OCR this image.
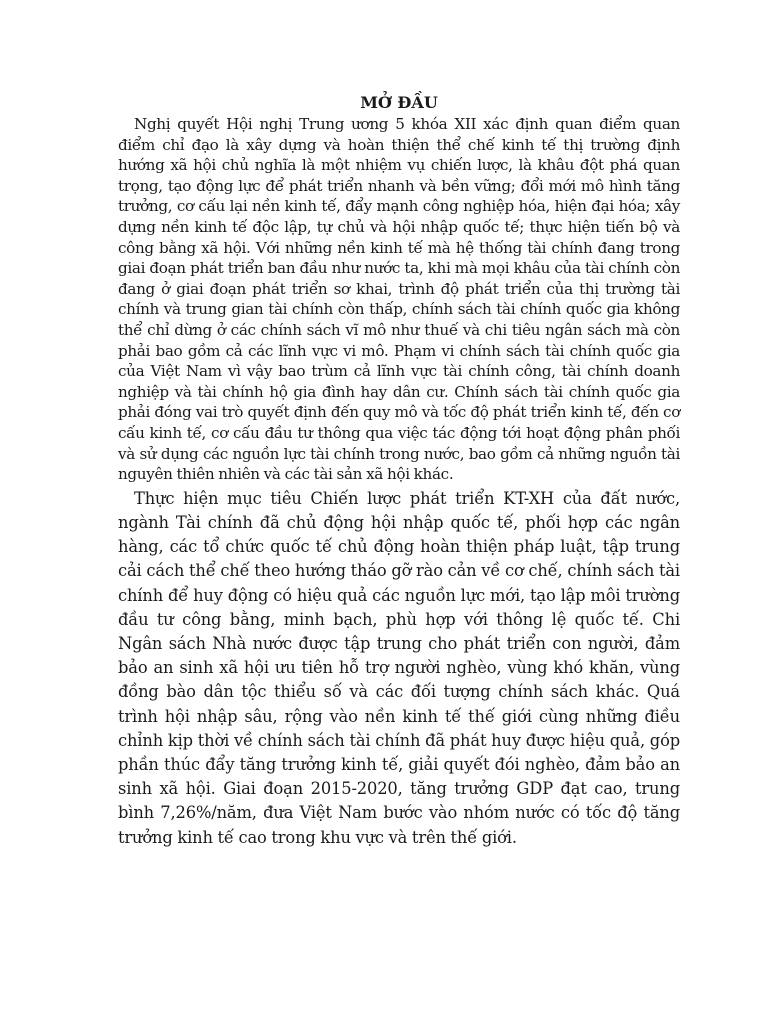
MỞ ĐẦU

Nghị quyết Hội nghị Trung ương 5 khóa XII xác định quan điểm quan điểm chỉ đạo là xây dựng và hoàn thiện thể chế kinh tế thị trường định hướng xã hội chủ nghĩa là một nhiệm vụ chiến lược, là khâu đột phá quan trọng, tạo động lực để phát triển nhanh và bền vững; đổi mới mô hình tăng trưởng, cơ cấu lại nền kinh tế, đẩy mạnh công nghiệp hóa, hiện đại hóa; xây dựng nền kinh tế độc lập, tự chủ và hội nhập quốc tế; thực hiện tiến bộ và công bằng xã hội. Với những nền kinh tế mà hệ thống tài chính đang trong giai đoạn phát triển ban đầu như nước ta, khi mà mọi khâu của tài chính còn đang ở giai đoạn phát triển sơ khai, trình độ phát triển của thị trường tài chính và trung gian tài chính còn thấp, chính sách tài chính quốc gia không thể chỉ dừng ở các chính sách vĩ mô như thuế và chi tiêu ngân sách mà còn phải bao gồm cả các lĩnh vực vi mô. Phạm vi chính sách tài chính quốc gia của Việt Nam vì vậy bao trùm cả lĩnh vực tài chính công, tài chính doanh nghiệp và tài chính hộ gia đình hay dân cư. Chính sách tài chính quốc gia phải đóng vai trò quyết định đến quy mô và tốc độ phát triển kinh tế, đến cơ cấu kinh tế, cơ cấu đầu tư thông qua việc tác động tới hoạt động phân phối và sử dụng các nguồn lực tài chính trong nước, bao gồm cả những nguồn tài nguyên thiên nhiên và các tài sản xã hội khác.

Thực hiện mục tiêu Chiến lược phát triển KT-XH của đất nước, ngành Tài chính đã chủ động hội nhập quốc tế, phối hợp các ngân hàng, các tổ chức quốc tế chủ động hoàn thiện pháp luật, tập trung cải cách thể chế theo hướng tháo gỡ rào cản về cơ chế, chính sách tài chính để huy động có hiệu quả các nguồn lực mới, tạo lập môi trường đầu tư công bằng, minh bạch, phù hợp với thông lệ quốc tế. Chi Ngân sách Nhà nước được tập trung cho phát triển con người, đảm bảo an sinh xã hội ưu tiên hỗ trợ người nghèo, vùng khó khăn, vùng đồng bào dân tộc thiểu số và các đối tượng chính sách khác. Quá trình hội nhập sâu, rộng vào nền kinh tế thế giới cùng những điều chỉnh kịp thời về chính sách tài chính đã phát huy được hiệu quả, góp phần thúc đẩy tăng trưởng kinh tế, giải quyết đói nghèo, đảm bảo an sinh xã hội. Giai đoạn 2015-2020, tăng trưởng GDP đạt cao, trung bình 7,26%/năm, đưa Việt Nam bước vào nhóm nước có tốc độ tăng trưởng kinh tế cao trong khu vực và trên thế giới.
